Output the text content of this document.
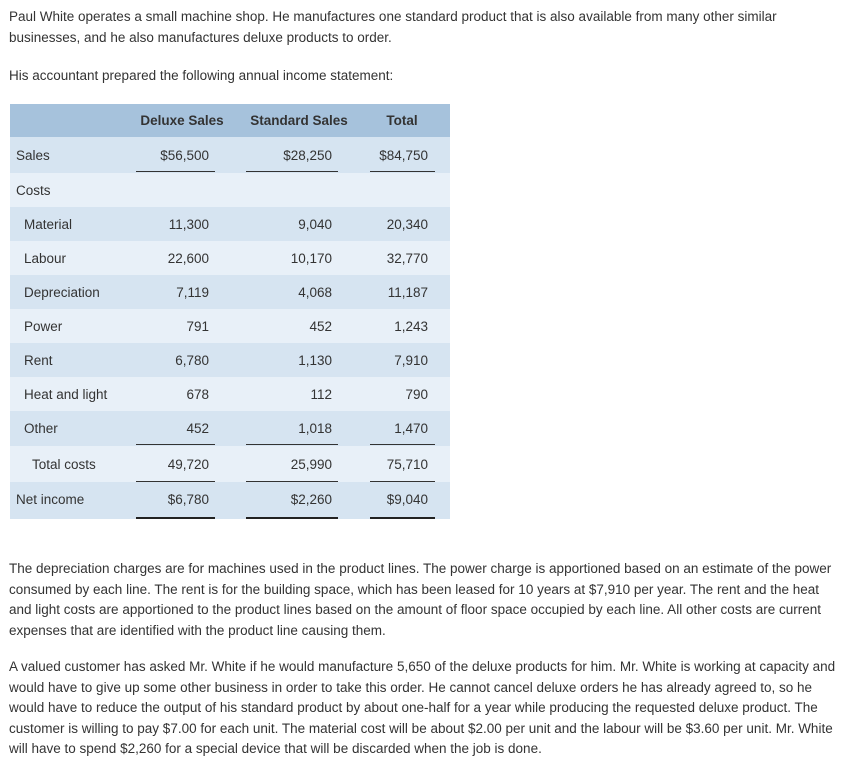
Paul White operates a small machine shop. He manufactures one standard product that is also available from many other similar businesses, and he also manufactures deluxe products to order.

His accountant prepared the following annual income statement:

Deluxe Sales	Standard Sales	Total
Sales	$56,500	$28,250	$84,750
Costs
Material	11,300	9,040	20,340
Labour	22,600	10,170	32,770
Depreciation	7,119	4,068	11,187
Power	791	452	1,243
Rent	6,780	1,130	7,910
Heat and light	678	112	790
Other	452	1,018	1,470
Total costs	49,720	25,990	75,710
Net income	$6,780	$2,260	$9,040

The depreciation charges are for machines used in the product lines. The power charge is apportioned based on an estimate of the power consumed by each line. The rent is for the building space, which has been leased for 10 years at $7,910 per year. The rent and the heat and light costs are apportioned to the product lines based on the amount of floor space occupied by each line. All other costs are current expenses that are identified with the product line causing them.

A valued customer has asked Mr. White if he would manufacture 5,650 of the deluxe products for him. Mr. White is working at capacity and would have to give up some other business in order to take this order. He cannot cancel deluxe orders he has already agreed to, so he would have to reduce the output of his standard product by about one-half for a year while producing the requested deluxe product. The customer is willing to pay $7.00 for each unit. The material cost will be about $2.00 per unit and the labour will be $3.60 per unit. Mr. White will have to spend $2,260 for a special device that will be discarded when the job is done.
